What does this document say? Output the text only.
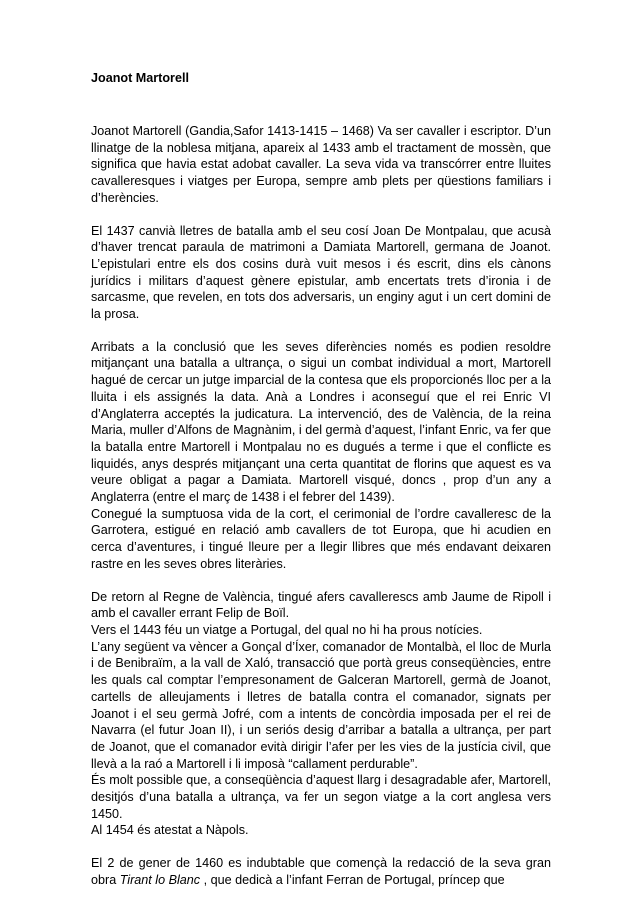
Joanot Martorell

Joanot Martorell (Gandia,Safor 1413-1415 – 1468) Va ser cavaller i escriptor. D’un llinatge de la noblesa mitjana, apareix al 1433 amb el tractament de mossèn, que significa que havia estat adobat cavaller. La seva vida va transcórrer entre lluites cavalleresques i viatges per Europa, sempre amb plets per qüestions familiars i d’herències.

El 1437 canvià lletres de batalla amb el seu cosí Joan De Montpalau, que acusà d’haver trencat paraula de matrimoni a Damiata Martorell, germana de Joanot. L’epistulari entre els dos cosins durà vuit mesos i és escrit, dins els cànons jurídics i militars d’aquest gènere epistular, amb encertats trets d’ironia i de sarcasme, que revelen, en tots dos adversaris, un enginy agut i un cert domini de la prosa.

Arribats a la conclusió que les seves diferències només es podien resoldre mitjançant una batalla a ultrança, o sigui un combat individual a mort, Martorell hagué de cercar un jutge imparcial de la contesa que els proporcionés lloc per a la lluita i els assignés la data. Anà a Londres i aconseguí que el rei Enric VI d’Anglaterra acceptés la judicatura. La intervenció, des de València, de la reina Maria, muller d’Alfons de Magnànim, i del germà d’aquest, l’infant Enric, va fer que la batalla entre Martorell i Montpalau no es dugués a terme i que el conflicte es liquidés, anys després mitjançant una certa quantitat de florins que aquest es va veure obligat a pagar a Damiata. Martorell visqué, doncs , prop d’un any a Anglaterra (entre el març de 1438 i el febrer del 1439).

Conegué la sumptuosa vida de la cort, el cerimonial de l’ordre cavalleresc de la Garrotera, estigué en relació amb cavallers de tot Europa, que hi acudien en cerca d’aventures, i tingué lleure per a llegir llibres que més endavant deixaren rastre en les seves obres literàries.

De retorn al Regne de València, tingué afers cavallerescs amb Jaume de Ripoll i amb el cavaller errant Felip de Boïl.

Vers el 1443 féu un viatge a Portugal, del qual no hi ha prous notícies.

L’any següent va vèncer a Gonçal d’Íxer, comanador de Montalbà, el lloc de Murla i de Benibraïm, a la vall de Xaló, transacció que portà greus conseqüències, entre les quals cal comptar l’empresonament de Galceran Martorell, germà de Joanot, cartells de alleujaments i lletres de batalla contra el comanador, signats per Joanot i el seu germà Jofré, com a intents de concòrdia imposada per el rei de Navarra (el futur Joan II), i un seriós desig d’arribar a batalla a ultrança, per part de Joanot, que el comanador evità dirigir l’afer per les vies de la justícia civil, que llevà a la raó a Martorell i li imposà “callament perdurable”.

És molt possible que, a conseqüència d’aquest llarg i desagradable afer, Martorell, desitjós d’una batalla a ultrança, va fer un segon viatge a la cort anglesa vers 1450.

Al 1454 és atestat a Nàpols.

El 2 de gener de 1460 es indubtable que començà la redacció de la seva gran obra Tirant lo Blanc , que dedicà a l’infant Ferran de Portugal, príncep que
